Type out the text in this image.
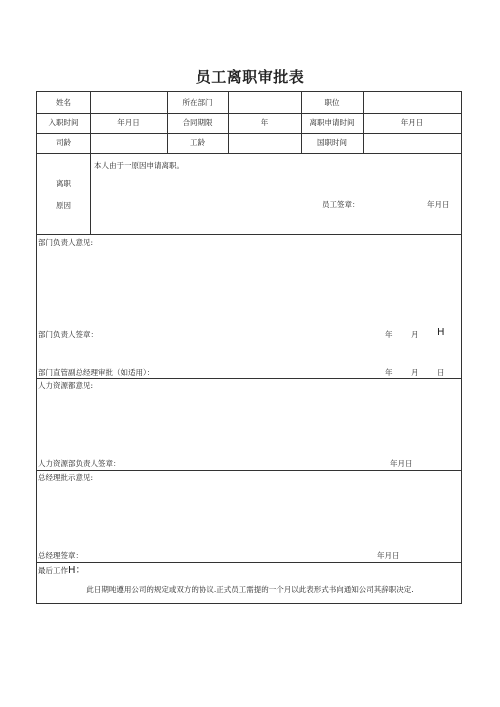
员工离职审批表
姓名	所在部门	职位
入职时间	年月日	合同期限	年	离职申请时间	年月日
司龄	工龄	国职时间
离职
原因
本人由于一原因申请离职。
员工签章：	年月日
部门负责人意见:
部门负责人签章：	年 月 H
部门直管副总经理审批（如适用）：	年 月 日
人力资源都意见:
人力资源部负责人签章：	年月日
总经理批示意见:
总经理签章：	年月日
最后工作H：
此日期吨遵用公司的规定或双方的协议.正式员工需提的一个月以此表形式书向通知公司其辞职决定.
